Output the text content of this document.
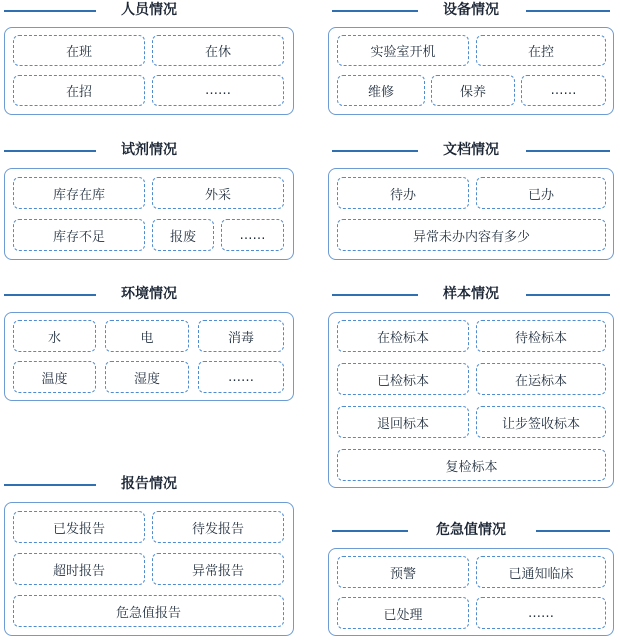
人员情况
在班	在休
在招	……
设备情况
实验室开机	在控
维修	保养	……
试剂情况
库存在库	外采
库存不足	报废	……
文档情况
待办	已办
异常未办内容有多少
环境情况
水	电	消毒
温度	湿度	……
样本情况
在检标本	待检标本
已检标本	在运标本
退回标本	让步签收标本
复检标本
报告情况
已发报告	待发报告
超时报告	异常报告
危急值报告
危急值情况
预警	已通知临床
已处理	……
